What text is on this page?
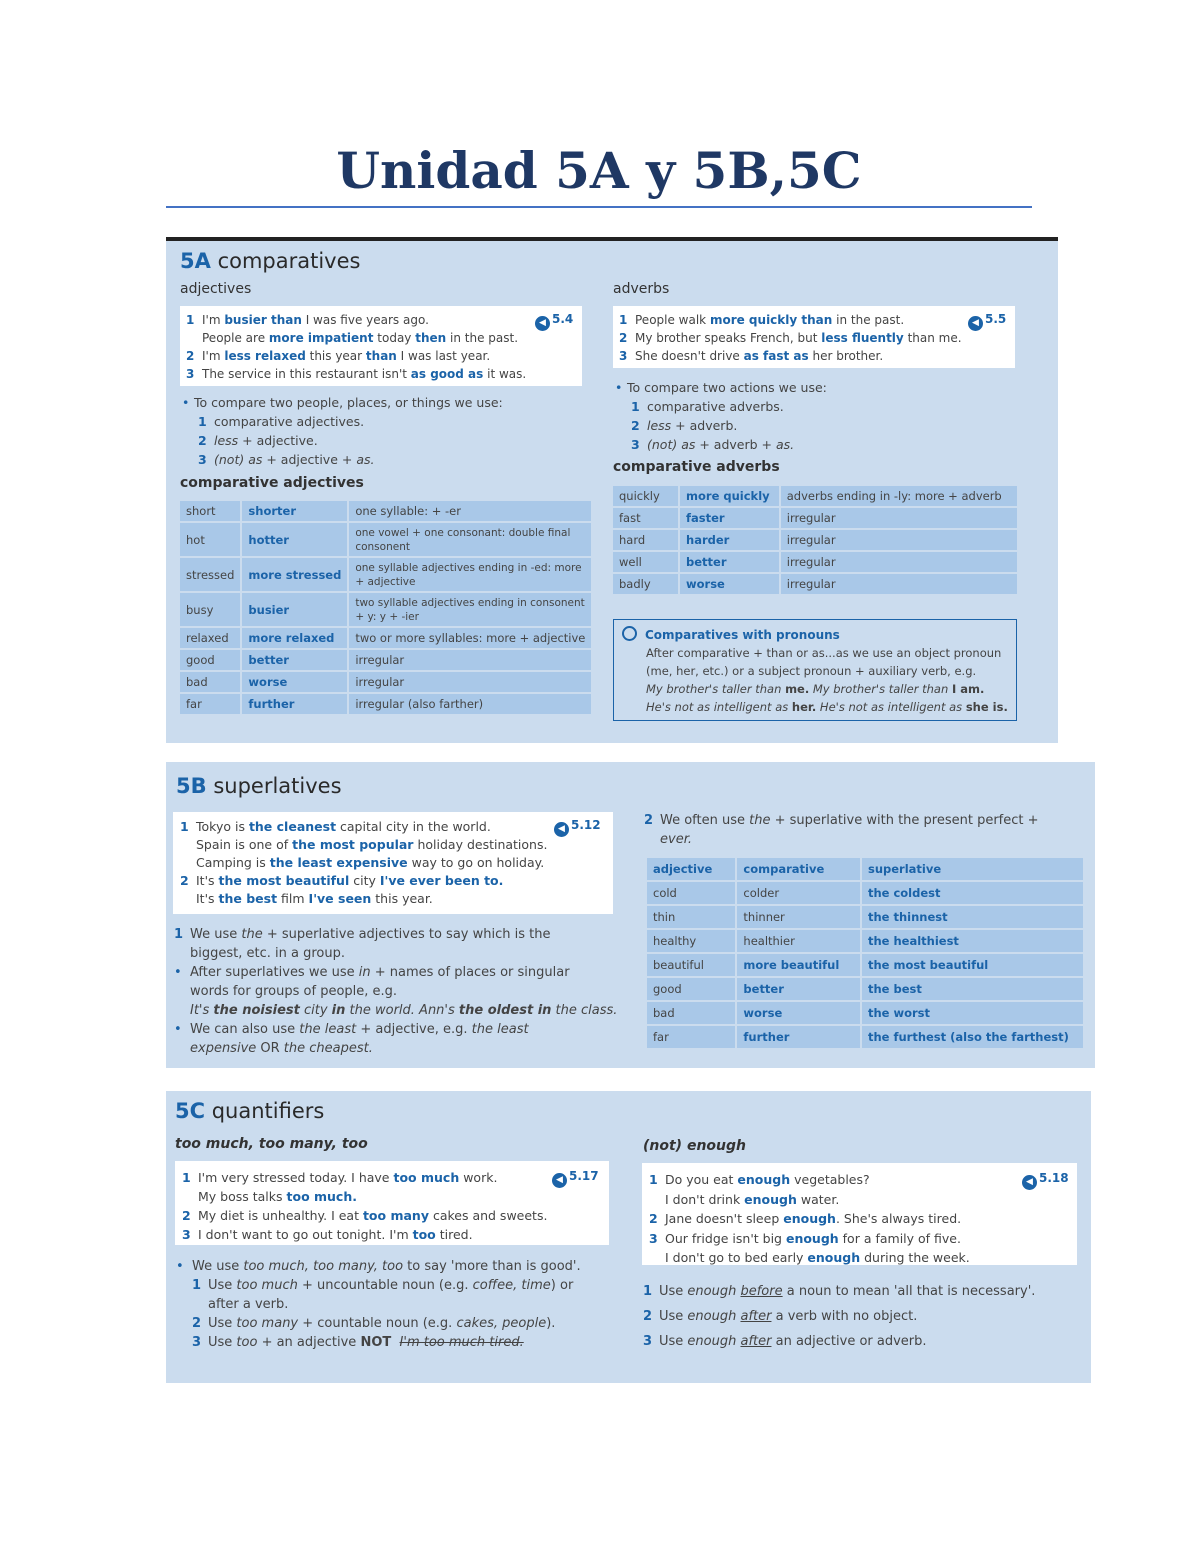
Unidad 5A y 5B,5C
5A comparatives
adjectives	adverbs
◀ 5.4
1 I'm busier than I was five years ago.
People are more impatient today then in the past.
2 I'm less relaxed this year than I was last year.
3 The service in this restaurant isn't as good as it was.
• To compare two people, places, or things we use:
1 comparative adjectives.
2 less + adjective.
3 (not) as + adjective + as.
comparative adjectives
short	shorter	one syllable: + -er
hot	hotter	one vowel + one consonant: double final consonent
stressed	more stressed	one syllable adjectives ending in -ed: more + adjective
busy	busier	two syllable adjectives ending in consonent + y: y + -ier
relaxed	more relaxed	two or more syllables: more + adjective
good	better	irregular
bad	worse	irregular
far	further	irregular (also farther)
◀ 5.5
1 People walk more quickly than in the past.
2 My brother speaks French, but less fluently than me.
3 She doesn't drive as fast as her brother.
• To compare two actions we use:
1 comparative adverbs.
2 less + adverb.
3 (not) as + adverb + as.
comparative adverbs
quickly	more quickly	adverbs ending in -ly: more + adverb
fast	faster	irregular
hard	harder	irregular
well	better	irregular
badly	worse	irregular
Comparatives with pronouns
After comparative + than or as...as we use an object pronoun
(me, her, etc.) or a subject pronoun + auxiliary verb, e.g.
My brother's taller than me. My brother's taller than I am.
He's not as intelligent as her. He's not as intelligent as she is.
5B superlatives
◀ 5.12
1 Tokyo is the cleanest capital city in the world.
Spain is one of the most popular holiday destinations.
Camping is the least expensive way to go on holiday.
2 It's the most beautiful city I've ever been to.
It's the best film I've seen this year.
1 We use the + superlative adjectives to say which is the
biggest, etc. in a group.
• After superlatives we use in + names of places or singular
words for groups of people, e.g.
It's the noisiest city in the world. Ann's the oldest in the class.
• We can also use the least + adjective, e.g. the least
expensive OR the cheapest.
2 We often use the + superlative with the present perfect +
ever.
adjective	comparative	superlative
cold	colder	the coldest
thin	thinner	the thinnest
healthy	healthier	the healthiest
beautiful	more beautiful	the most beautiful
good	better	the best
bad	worse	the worst
far	further	the furthest (also the farthest)
5C quantifiers
too much, too many, too	(not) enough
◀ 5.17
1 I'm very stressed today. I have too much work.
My boss talks too much.
2 My diet is unhealthy. I eat too many cakes and sweets.
3 I don't want to go out tonight. I'm too tired.
• We use too much, too many, too to say 'more than is good'.
1 Use too much + uncountable noun (e.g. coffee, time) or
after a verb.
2 Use too many + countable noun (e.g. cakes, people).
3 Use too + an adjective NOT I'm too much tired.
◀ 5.18
1 Do you eat enough vegetables?
I don't drink enough water.
2 Jane doesn't sleep enough. She's always tired.
3 Our fridge isn't big enough for a family of five.
I don't go to bed early enough during the week.
1 Use enough before a noun to mean 'all that is necessary'.
2 Use enough after a verb with no object.
3 Use enough after an adjective or adverb.
